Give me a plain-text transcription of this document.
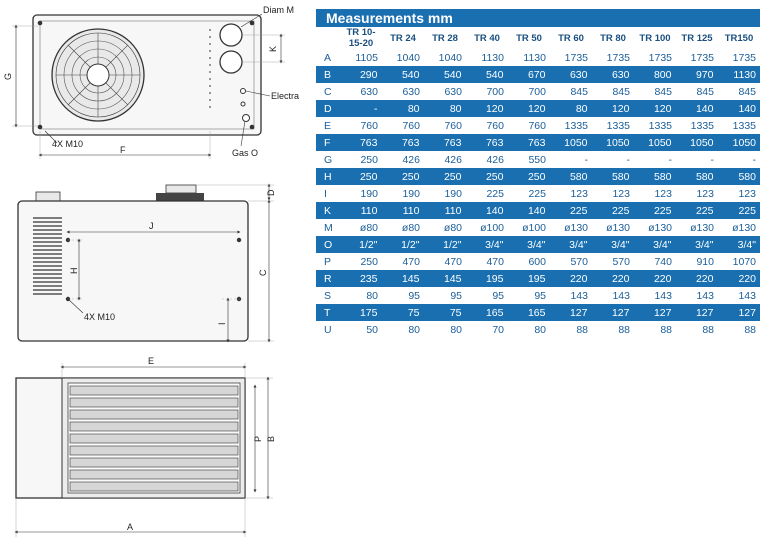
Diam M
Electra
Gas O
G
K
F
4X M10
D
J
H	C
I
4X M10
E
A
P B
Measurements mm
	TR 10-15-20	TR 24	TR 28	TR 40	TR 50	TR 60	TR 80	TR 100	TR 125	TR150
A	1105	1040	1040	1130	1130	1735	1735	1735	1735	1735
B	290	540	540	540	670	630	630	800	970	1130
C	630	630	630	700	700	845	845	845	845	845
D	-	80	80	120	120	80	120	120	140	140
E	760	760	760	760	760	1335	1335	1335	1335	1335
F	763	763	763	763	763	1050	1050	1050	1050	1050
G	250	426	426	426	550	-	-	-	-	-
H	250	250	250	250	250	580	580	580	580	580
I	190	190	190	225	225	123	123	123	123	123
K	110	110	110	140	140	225	225	225	225	225
M	ø80	ø80	ø80	ø100	ø100	ø130	ø130	ø130	ø130	ø130
O	1/2"	1/2"	1/2"	3/4"	3/4"	3/4"	3/4"	3/4"	3/4"	3/4"
P	250	470	470	470	600	570	570	740	910	1070
R	235	145	145	195	195	220	220	220	220	220
S	80	95	95	95	95	143	143	143	143	143
T	175	75	75	165	165	127	127	127	127	127
U	50	80	80	70	80	88	88	88	88	88
